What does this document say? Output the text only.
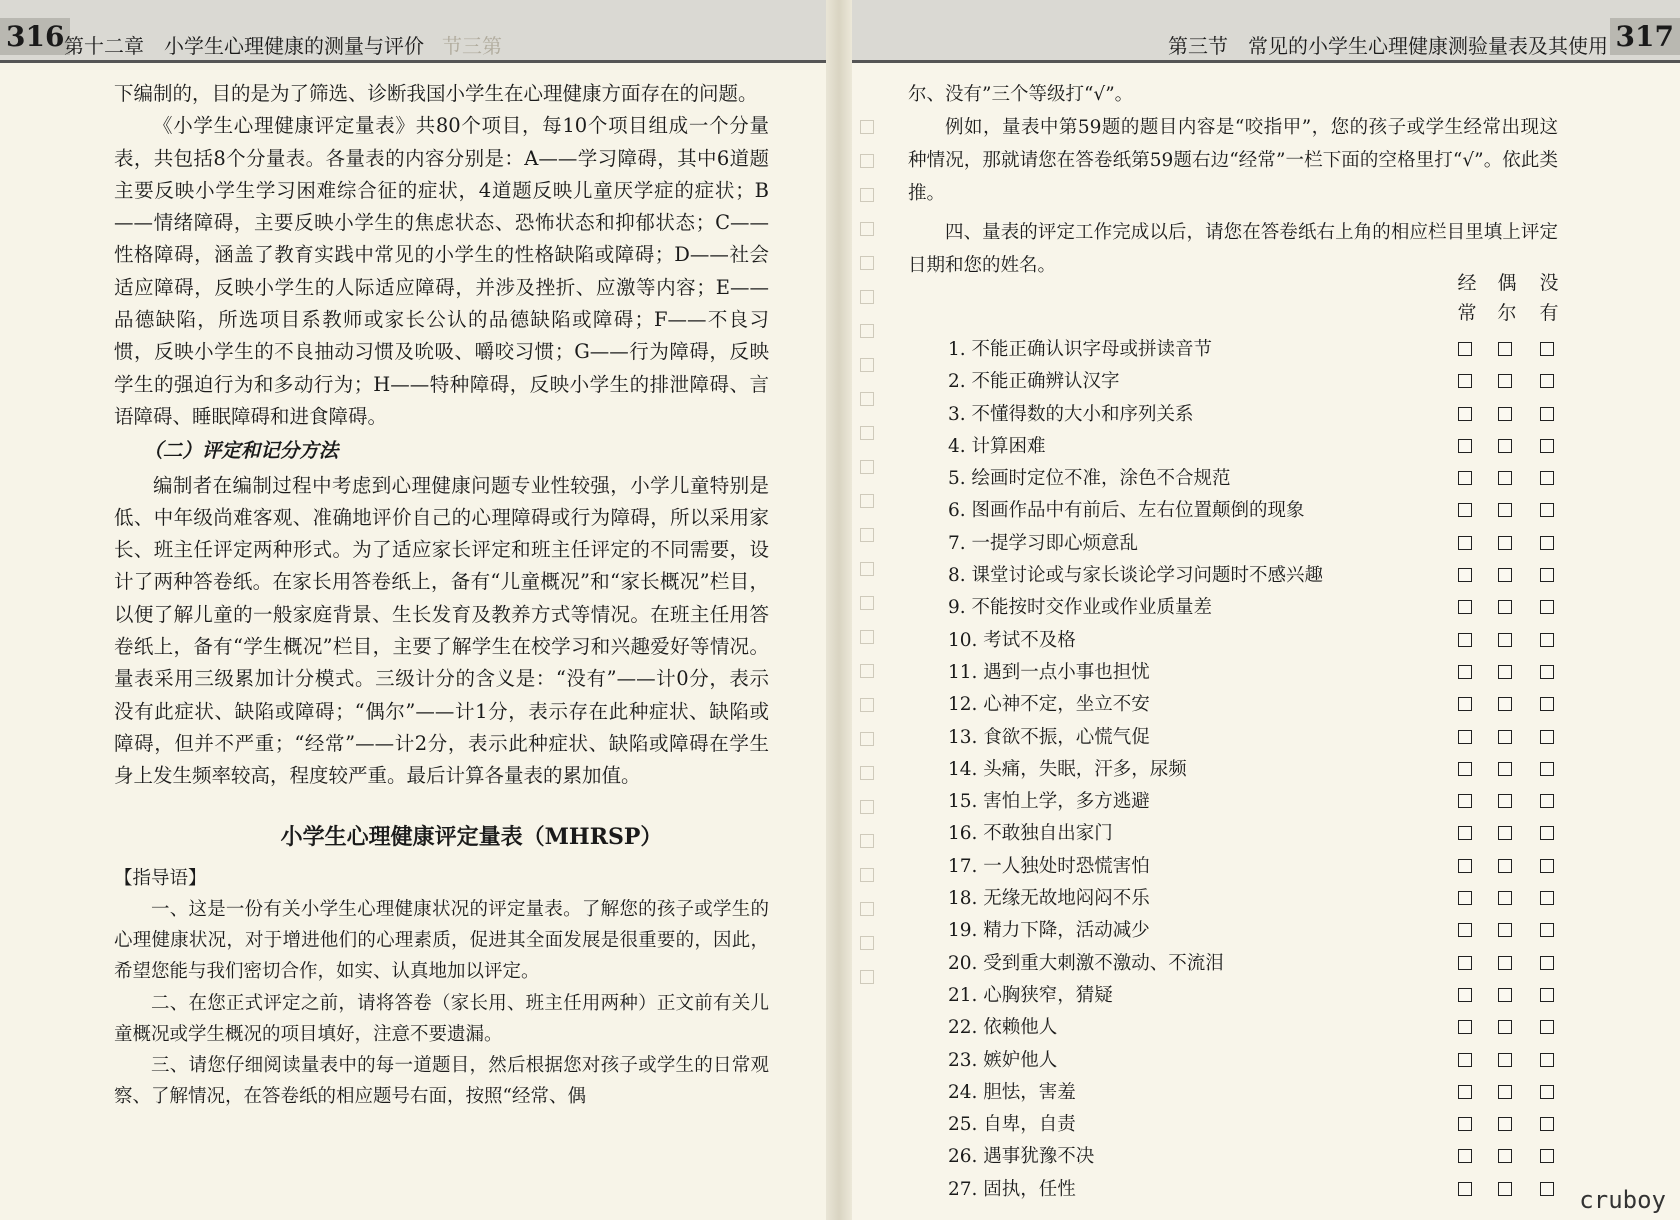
316 第十二章　小学生心理健康的测量与评价 节三第

下编制的，目的是为了筛选、诊断我国小学生在心理健康方面存在的问题。

《小学生心理健康评定量表》共80个项目，每10个项目组成一个分量表，共包括8个分量表。各量表的内容分别是：A——学习障碍，其中6道题主要反映小学生学习困难综合征的症状，4道题反映儿童厌学症的症状；B——情绪障碍，主要反映小学生的焦虑状态、恐怖状态和抑郁状态；C——性格障碍，涵盖了教育实践中常见的小学生的性格缺陷或障碍；D——社会适应障碍，反映小学生的人际适应障碍，并涉及挫折、应激等内容；E——品德缺陷，所选项目系教师或家长公认的品德缺陷或障碍；F——不良习惯，反映小学生的不良抽动习惯及吮吸、嚼咬习惯；G——行为障碍，反映学生的强迫行为和多动行为；H——特种障碍，反映小学生的排泄障碍、言语障碍、睡眠障碍和进食障碍。

（二）评定和记分方法

编制者在编制过程中考虑到心理健康问题专业性较强，小学儿童特别是低、中年级尚难客观、准确地评价自己的心理障碍或行为障碍，所以采用家长、班主任评定两种形式。为了适应家长评定和班主任评定的不同需要，设计了两种答卷纸。在家长用答卷纸上，备有“儿童概况”和“家长概况”栏目，以便了解儿童的一般家庭背景、生长发育及教养方式等情况。在班主任用答卷纸上，备有“学生概况”栏目，主要了解学生在校学习和兴趣爱好等情况。量表采用三级累加计分模式。三级计分的含义是：“没有”——计0分，表示没有此症状、缺陷或障碍；“偶尔”——计1分，表示存在此种症状、缺陷或障碍，但并不严重；“经常”——计2分，表示此种症状、缺陷或障碍在学生身上发生频率较高，程度较严重。最后计算各量表的累加值。

小学生心理健康评定量表（MHRSP）

【指导语】

一、这是一份有关小学生心理健康状况的评定量表。了解您的孩子或学生的心理健康状况，对于增进他们的心理素质，促进其全面发展是很重要的，因此，希望您能与我们密切合作，如实、认真地加以评定。

二、在您正式评定之前，请将答卷（家长用、班主任用两种）正文前有关儿童概况或学生概况的项目填好，注意不要遗漏。

三、请您仔细阅读量表中的每一道题目，然后根据您对孩子或学生的日常观察、了解情况，在答卷纸的相应题号右面，按照“经常、偶

第三节　常见的小学生心理健康测验量表及其使用 317

尔、没有”三个等级打“√”。

例如，量表中第59题的题目内容是“咬指甲”，您的孩子或学生经常出现这种情况，那就请您在答卷纸第59题右边“经常”一栏下面的空格里打“√”。依此类推。

四、量表的评定工作完成以后，请您在答卷纸右上角的相应栏目里填上评定日期和您的姓名。

经
常
偶
尔
没
有
1. 不能正确认识字母或拼读音节
2. 不能正确辨认汉字
3. 不懂得数的大小和序列关系
4. 计算困难
5. 绘画时定位不准，涂色不合规范
6. 图画作品中有前后、左右位置颠倒的现象
7. 一提学习即心烦意乱
8. 课堂讨论或与家长谈论学习问题时不感兴趣
9. 不能按时交作业或作业质量差
10. 考试不及格
11. 遇到一点小事也担忧
12. 心神不定，坐立不安
13. 食欲不振，心慌气促
14. 头痛，失眠，汗多，尿频
15. 害怕上学，多方逃避
16. 不敢独自出家门
17. 一人独处时恐慌害怕
18. 无缘无故地闷闷不乐
19. 精力下降，活动减少
20. 受到重大刺激不激动、不流泪
21. 心胸狭窄，猜疑
22. 依赖他人
23. 嫉妒他人
24. 胆怯，害羞
25. 自卑，自责
26. 遇事犹豫不决
27. 固执，任性	cruboy
